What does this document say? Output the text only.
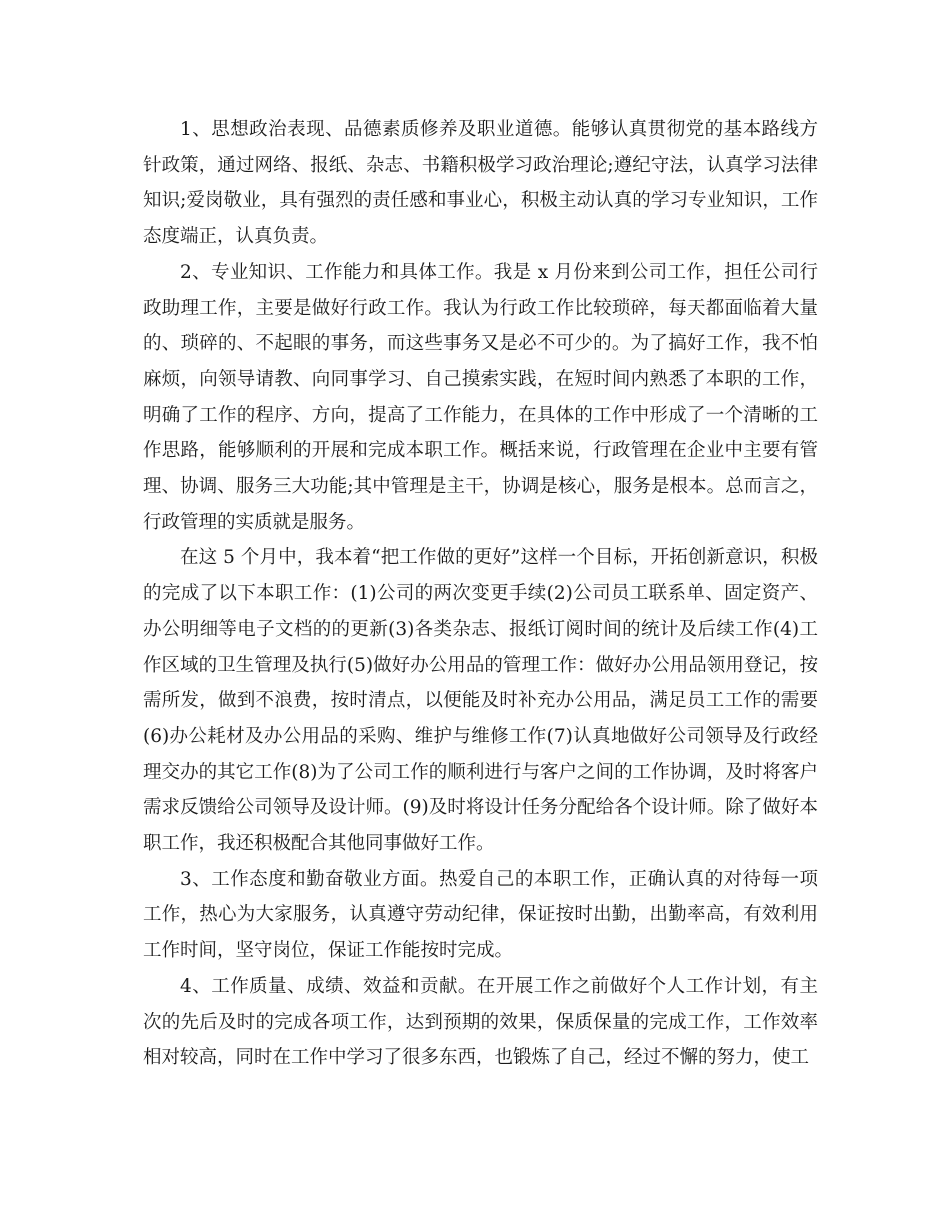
1、思想政治表现、品德素质修养及职业道德。能够认真贯彻党的基本路线方针政策，通过网络、报纸、杂志、书籍积极学习政治理论;遵纪守法，认真学习法律知识;爱岗敬业，具有强烈的责任感和事业心，积极主动认真的学习专业知识，工作态度端正，认真负责。

2、专业知识、工作能力和具体工作。我是 x 月份来到公司工作，担任公司行政助理工作，主要是做好行政工作。我认为行政工作比较琐碎，每天都面临着大量的、琐碎的、不起眼的事务，而这些事务又是必不可少的。为了搞好工作，我不怕麻烦，向领导请教、向同事学习、自己摸索实践，在短时间内熟悉了本职的工作，明确了工作的程序、方向，提高了工作能力，在具体的工作中形成了一个清晰的工作思路，能够顺利的开展和完成本职工作。概括来说，行政管理在企业中主要有管理、协调、服务三大功能;其中管理是主干，协调是核心，服务是根本。总而言之，行政管理的实质就是服务。

在这 5 个月中，我本着“把工作做的更好”这样一个目标，开拓创新意识，积极的完成了以下本职工作：(1)公司的两次变更手续(2)公司员工联系单、固定资产、办公明细等电子文档的的更新(3)各类杂志、报纸订阅时间的统计及后续工作(4)工作区域的卫生管理及执行(5)做好办公用品的管理工作：做好办公用品领用登记，按需所发，做到不浪费，按时清点，以便能及时补充办公用品，满足员工工作的需要(6)办公耗材及办公用品的采购、维护与维修工作(7)认真地做好公司领导及行政经理交办的其它工作(8)为了公司工作的顺利进行与客户之间的工作协调，及时将客户需求反馈给公司领导及设计师。(9)及时将设计任务分配给各个设计师。除了做好本职工作，我还积极配合其他同事做好工作。

3、工作态度和勤奋敬业方面。热爱自己的本职工作，正确认真的对待每一项工作，热心为大家服务，认真遵守劳动纪律，保证按时出勤，出勤率高，有效利用工作时间，坚守岗位，保证工作能按时完成。

4、工作质量、成绩、效益和贡献。在开展工作之前做好个人工作计划，有主次的先后及时的完成各项工作，达到预期的效果，保质保量的完成工作，工作效率相对较高，同时在工作中学习了很多东西，也锻炼了自己，经过不懈的努力，使工
